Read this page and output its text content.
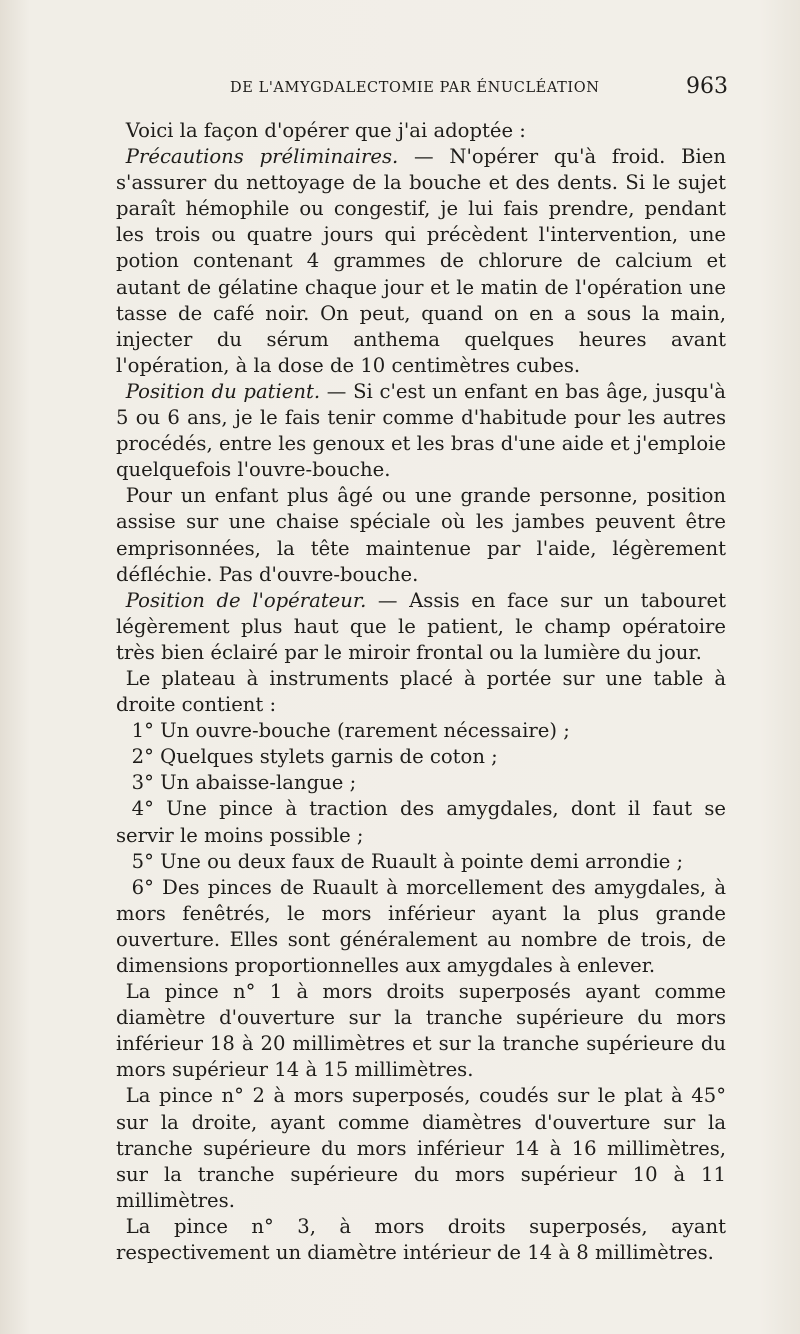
DE L'AMYGDALECTOMIE PAR ÉNUCLÉATION	963

Voici la façon d'opérer que j'ai adoptée :

Précautions préliminaires. — N'opérer qu'à froid. Bien s'assurer du nettoyage de la bouche et des dents. Si le sujet paraît hémophile ou congestif, je lui fais prendre, pendant les trois ou quatre jours qui précèdent l'intervention, une potion contenant 4 grammes de chlorure de calcium et autant de gélatine chaque jour et le matin de l'opération une tasse de café noir. On peut, quand on en a sous la main, injecter du sérum anthema quelques heures avant l'opération, à la dose de 10 centimètres cubes.

Position du patient. — Si c'est un enfant en bas âge, jusqu'à 5 ou 6 ans, je le fais tenir comme d'habitude pour les autres procédés, entre les genoux et les bras d'une aide et j'emploie quelquefois l'ouvre-bouche.

Pour un enfant plus âgé ou une grande personne, position assise sur une chaise spéciale où les jambes peuvent être emprisonnées, la tête maintenue par l'aide, légèrement défléchie. Pas d'ouvre-bouche.

Position de l'opérateur. — Assis en face sur un tabouret légèrement plus haut que le patient, le champ opératoire très bien éclairé par le miroir frontal ou la lumière du jour.

Le plateau à instruments placé à portée sur une table à droite contient :

1° Un ouvre-bouche (rarement nécessaire) ;

2° Quelques stylets garnis de coton ;

3° Un abaisse-langue ;

4° Une pince à traction des amygdales, dont il faut se servir le moins possible ;

5° Une ou deux faux de Ruault à pointe demi arrondie ;

6° Des pinces de Ruault à morcellement des amygdales, à mors fenêtrés, le mors inférieur ayant la plus grande ouverture. Elles sont généralement au nombre de trois, de dimensions proportionnelles aux amygdales à enlever.

La pince n° 1 à mors droits superposés ayant comme diamètre d'ouverture sur la tranche supérieure du mors inférieur 18 à 20 millimètres et sur la tranche supérieure du mors supérieur 14 à 15 millimètres.

La pince n° 2 à mors superposés, coudés sur le plat à 45° sur la droite, ayant comme diamètres d'ouverture sur la tranche supérieure du mors inférieur 14 à 16 millimètres, sur la tranche supérieure du mors supérieur 10 à 11 millimètres.

La pince n° 3, à mors droits superposés, ayant respectivement un diamètre intérieur de 14 à 8 millimètres.
